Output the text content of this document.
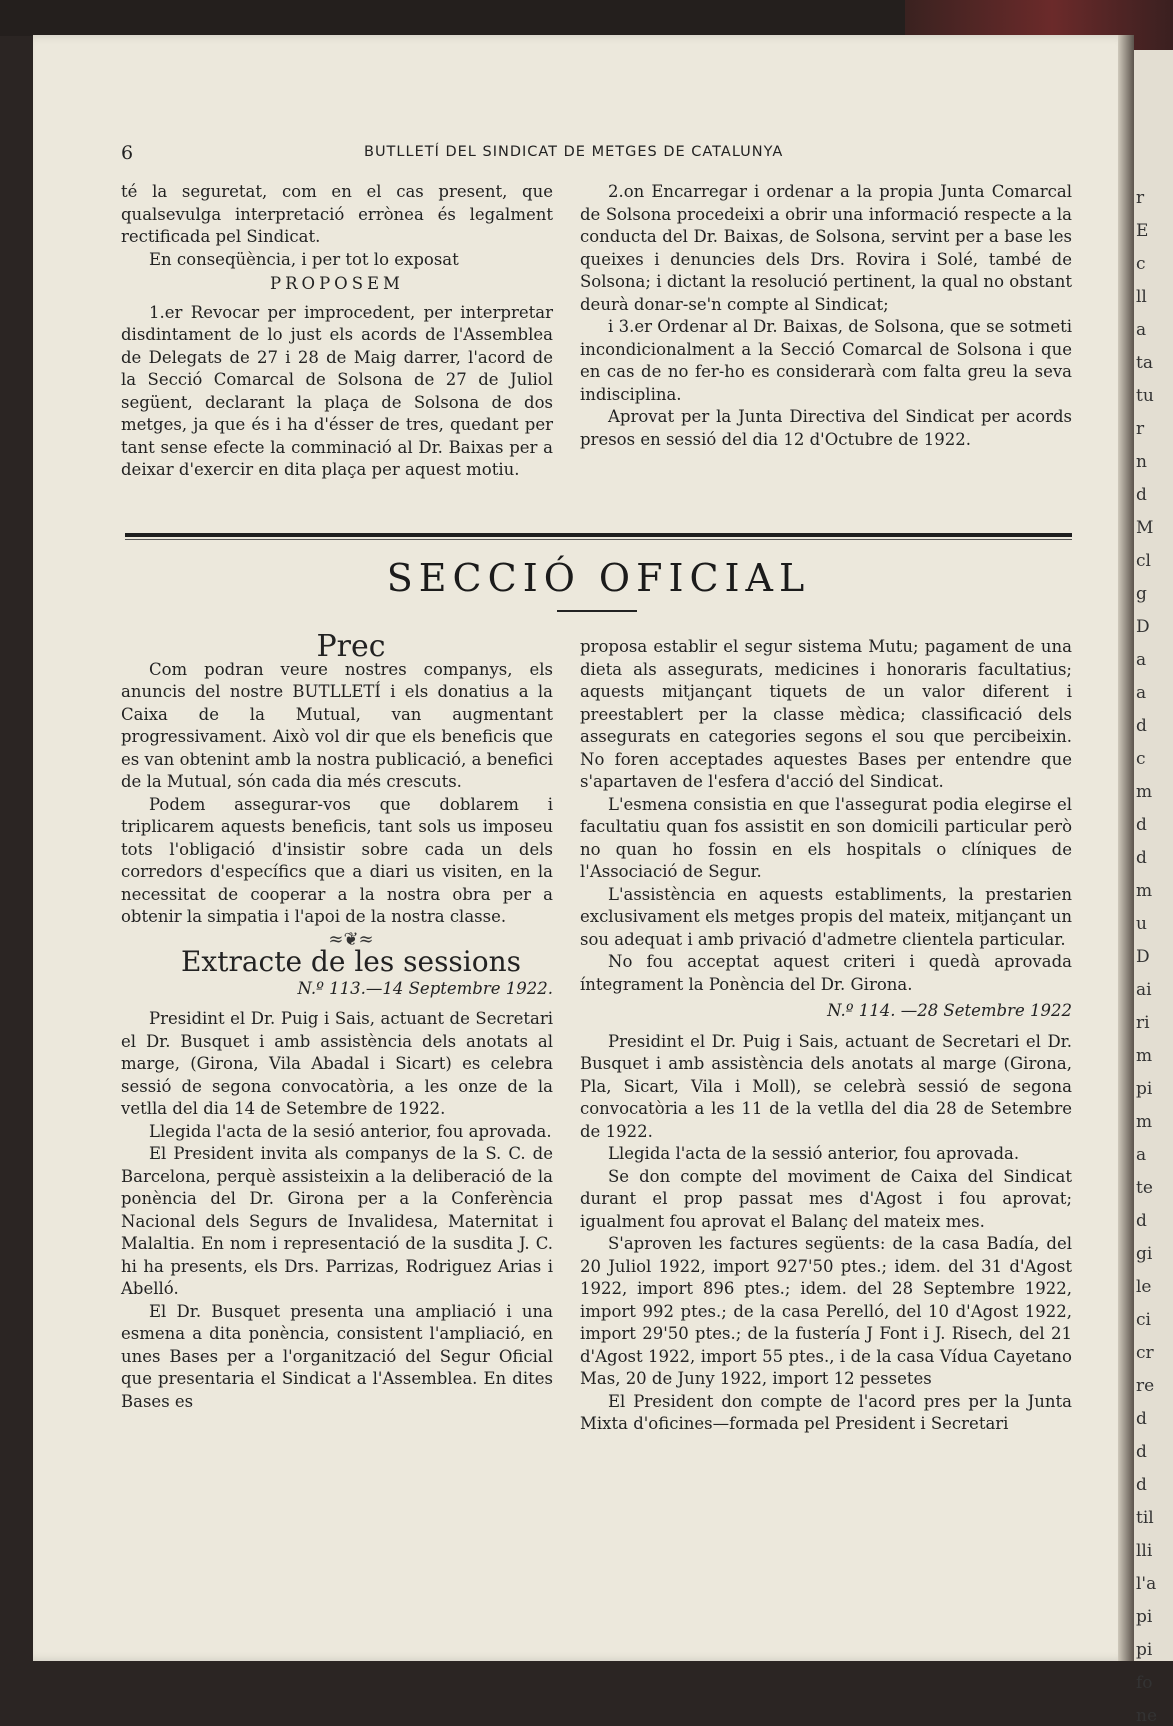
r
E
c
ll
a
ta
tu
r
n
d
M
cl
g
D
a
a
d
c
m
d
d
m
u
D
ai
ri
m
pi
m
a
te
d
gi
le
ci
cr
re
d
d
d
til
lli
l'a
pi
pi
fo
ne
6	BUTLLETÍ DEL SINDICAT DE METGES DE CATALUNYA

té la seguretat, com en el cas present, que qualsevulga interpretació errònea és legalment rectificada pel Sindicat.

En conseqüència, i per tot lo exposat

PROPOSEM

1.er Revocar per improcedent, per interpretar disdintament de lo just els acords de l'Assemblea de Delegats de 27 i 28 de Maig darrer, l'acord de la Secció Comarcal de Solsona de 27 de Juliol següent, declarant la plaça de Solsona de dos metges, ja que és i ha d'ésser de tres, quedant per tant sense efecte la comminació al Dr. Baixas per a deixar d'exercir en dita plaça per aquest motiu.

2.on Encarregar i ordenar a la propia Junta Comarcal de Solsona procedeixi a obrir una informació respecte a la conducta del Dr. Baixas, de Solsona, servint per a base les queixes i denuncies dels Drs. Rovira i Solé, també de Solsona; i dictant la resolució pertinent, la qual no obstant deurà donar-se'n compte al Sindicat;

i 3.er Ordenar al Dr. Baixas, de Solsona, que se sotmeti incondicionalment a la Secció Comarcal de Solsona i que en cas de no fer-ho es considerarà com falta greu la seva indisciplina.

Aprovat per la Junta Directiva del Sindicat per acords presos en sessió del dia 12 d'Octubre de 1922.

SECCIÓ OFICIAL

Prec

Com podran veure nostres companys, els anuncis del nostre BUTLLETÍ i els donatius a la Caixa de la Mutual, van augmentant progressivament. Això vol dir que els beneficis que es van obtenint amb la nostra publicació, a benefici de la Mutual, són cada dia més crescuts.

Podem assegurar-vos que doblarem i triplicarem aquests beneficis, tant sols us imposeu tots l'obligació d'insistir sobre cada un dels corredors d'específics que a diari us visiten, en la necessitat de cooperar a la nostra obra per a obtenir la simpatia i l'apoi de la nostra classe.

≈❦≈

Extracte de les sessions

N.º 113.—14 Septembre 1922.

Presidint el Dr. Puig i Sais, actuant de Secretari el Dr. Busquet i amb assistència dels anotats al marge, (Girona, Vila Abadal i Sicart) es celebra sessió de segona convocatòria, a les onze de la vetlla del dia 14 de Setembre de 1922.

Llegida l'acta de la sesió anterior, fou aprovada.

El President invita als companys de la S. C. de Barcelona, perquè assisteixin a la deliberació de la ponència del Dr. Girona per a la Conferència Nacional dels Segurs de Invalidesa, Maternitat i Malaltia. En nom i representació de la susdita J. C. hi ha presents, els Drs. Parrizas, Rodriguez Arias i Abelló.

El Dr. Busquet presenta una ampliació i una esmena a dita ponència, consistent l'ampliació, en unes Bases per a l'organització del Segur Oficial que presentaria el Sindicat a l'Assemblea. En dites Bases es

proposa establir el segur sistema Mutu; pagament de una dieta als assegurats, medicines i honoraris facultatius; aquests mitjançant tiquets de un valor diferent i preestablert per la classe mèdica; classificació dels assegurats en categories segons el sou que percibeixin. No foren acceptades aquestes Bases per entendre que s'apartaven de l'esfera d'acció del Sindicat.

L'esmena consistia en que l'assegurat podia elegirse el facultatiu quan fos assistit en son domicili particular però no quan ho fossin en els hospitals o clíniques de l'Associació de Segur.

L'assistència en aquests establiments, la prestarien exclusivament els metges propis del mateix, mitjançant un sou adequat i amb privació d'admetre clientela particular.

No fou acceptat aquest criteri i quedà aprovada íntegrament la Ponència del Dr. Girona.

N.º 114. —28 Setembre 1922

Presidint el Dr. Puig i Sais, actuant de Secretari el Dr. Busquet i amb assistència dels anotats al marge (Girona, Pla, Sicart, Vila i Moll), se celebrà sessió de segona convocatòria a les 11 de la vetlla del dia 28 de Setembre de 1922.

Llegida l'acta de la sessió anterior, fou aprovada.

Se don compte del moviment de Caixa del Sindicat durant el prop passat mes d'Agost i fou aprovat; igualment fou aprovat el Balanç del mateix mes.

S'aproven les factures següents: de la casa Badía, del 20 Juliol 1922, import 927'50 ptes.; idem. del 31 d'Agost 1922, import 896 ptes.; idem. del 28 Septembre 1922, import 992 ptes.; de la casa Perelló, del 10 d'Agost 1922, import 29'50 ptes.; de la fustería J Font i J. Risech, del 21 d'Agost 1922, import 55 ptes., i de la casa Vídua Cayetano Mas, 20 de Juny 1922, import 12 pessetes

El President don compte de l'acord pres per la Junta Mixta d'oficines—formada pel President i Secretari
